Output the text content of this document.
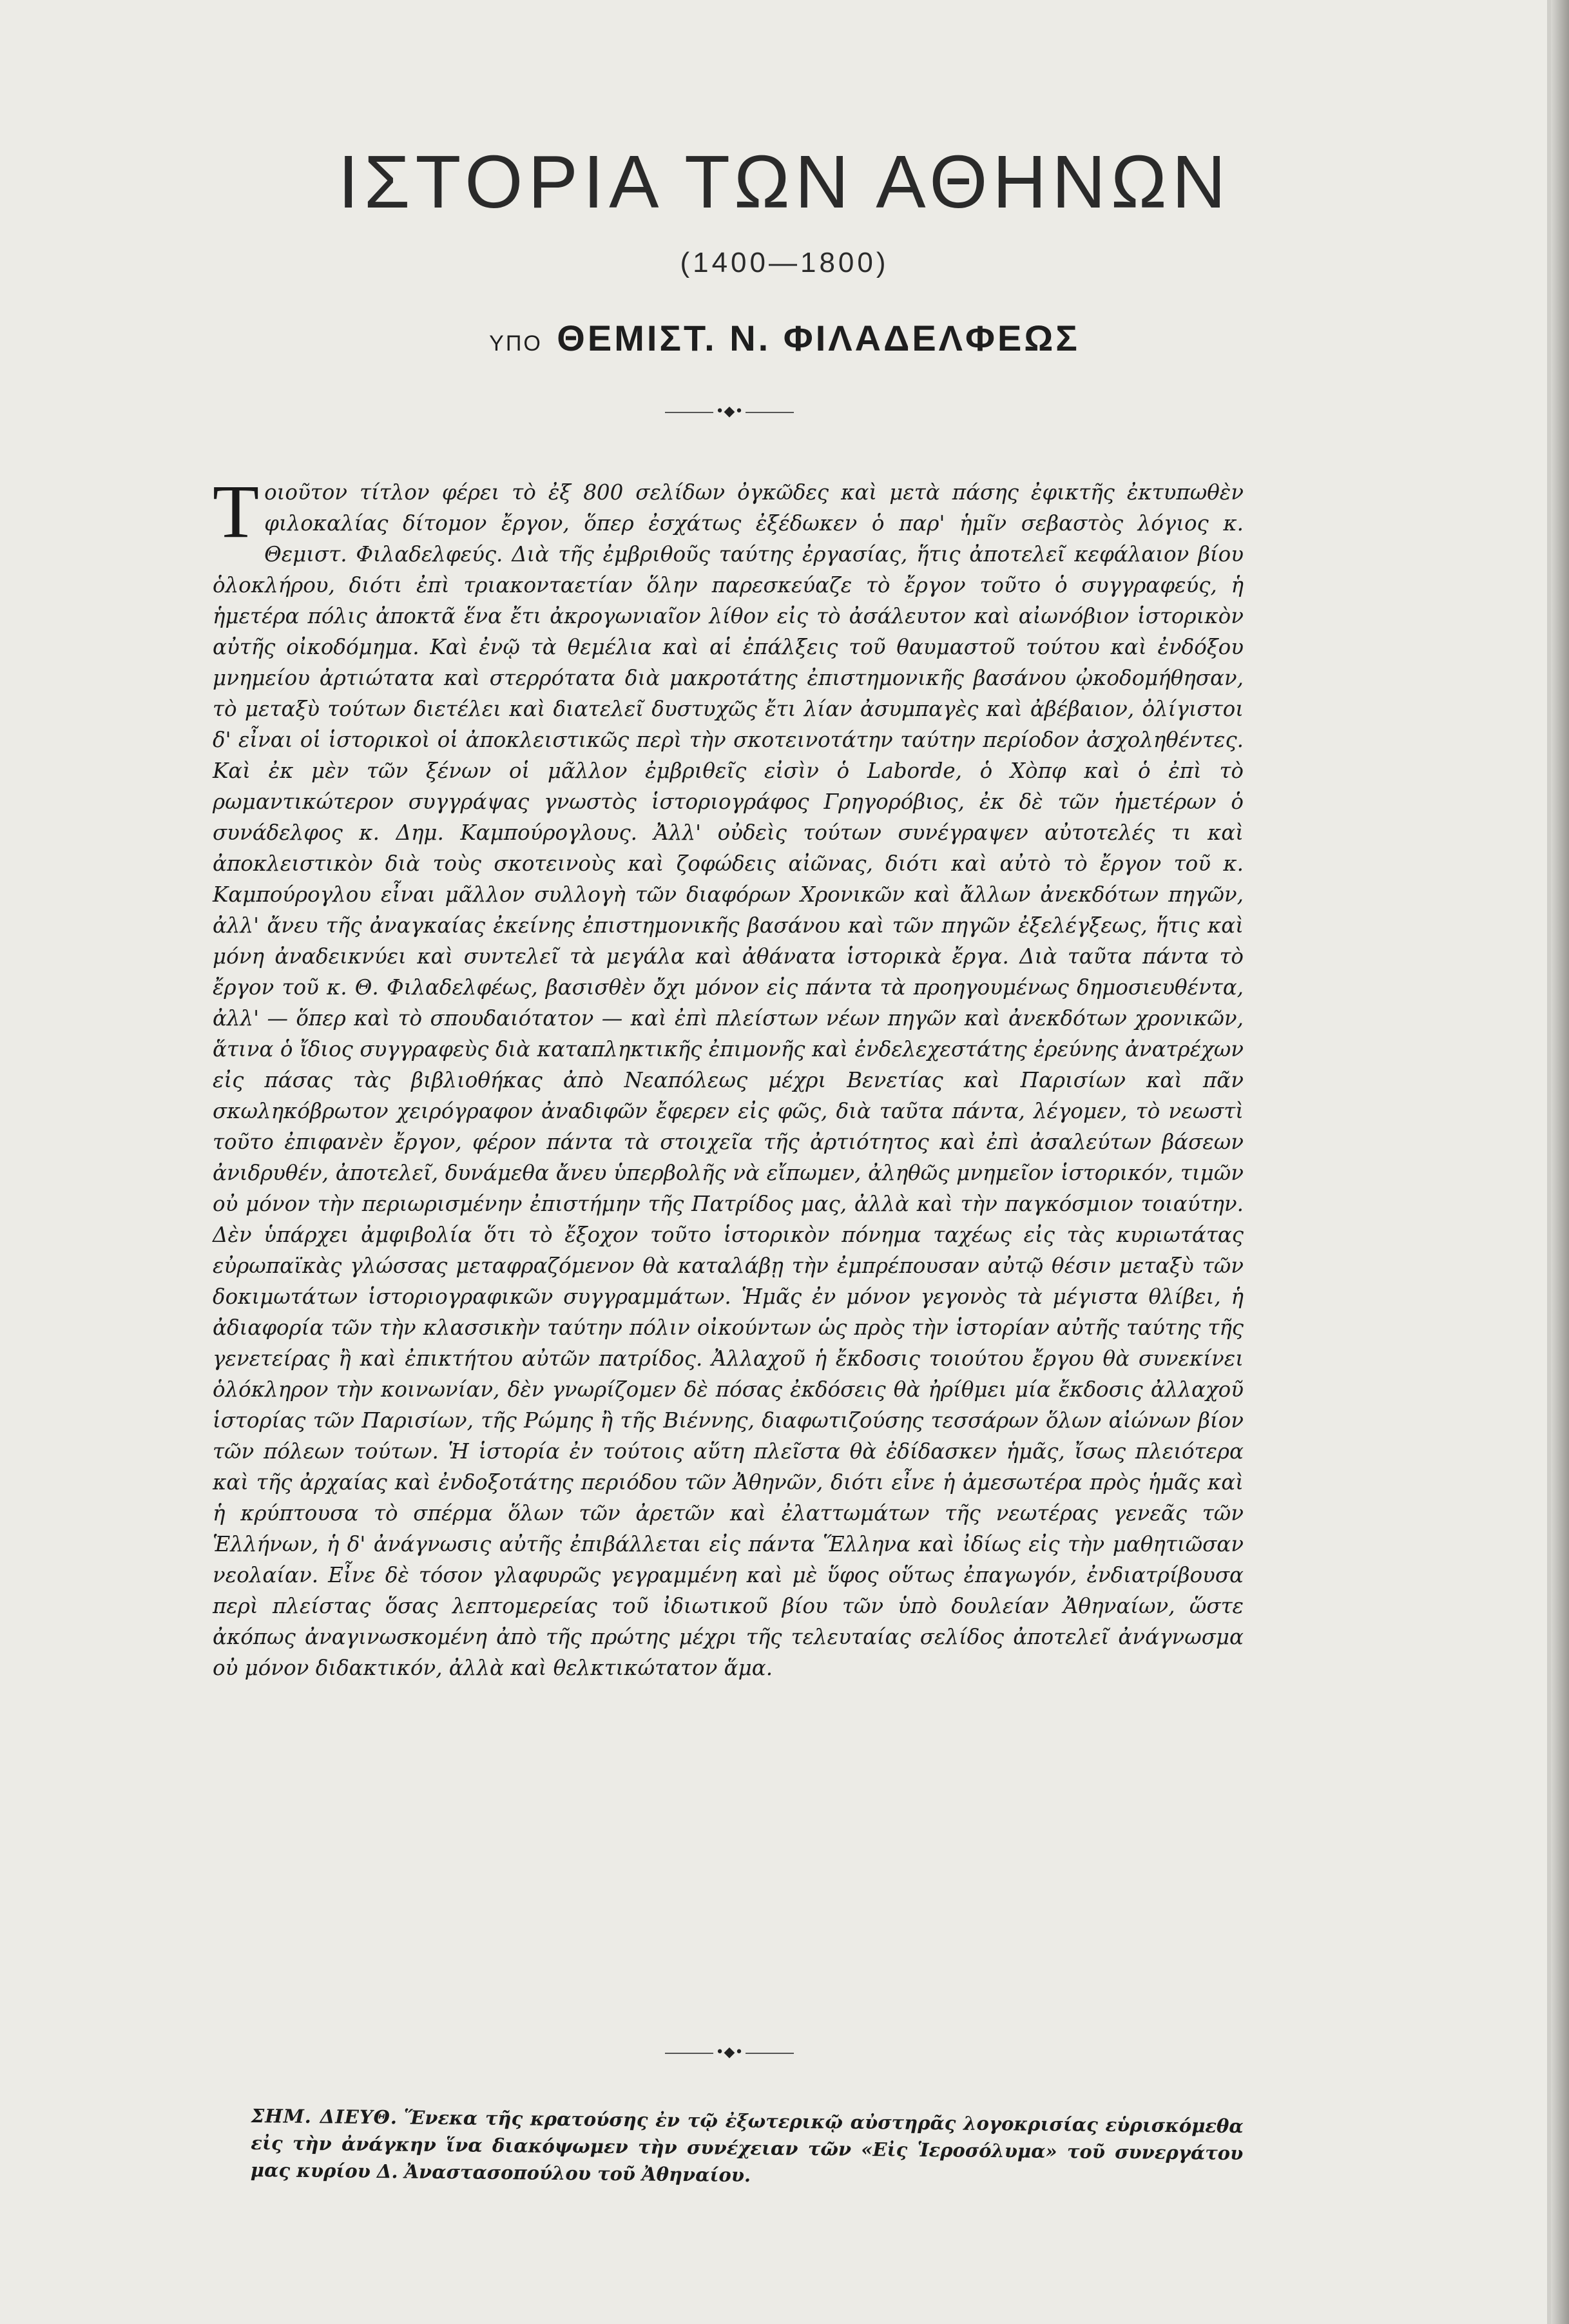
ΙΣΤΟΡΙΑ ΤΩΝ ΑΘΗΝΩΝ
(1400—1800)
ΥΠΟ ΘΕΜΙΣΤ. Ν. ΦΙΛΑΔΕΛΦΕΩΣ
•◆•
Τοιοῦτον τίτλον φέρει τὸ ἐξ 800 σελίδων ὀγκῶδες καὶ μετὰ πάσης ἐφικτῆς ἐκτυπωθὲν φιλοκαλίας δίτομον ἔργον, ὅπερ ἐσχάτως ἐξέδωκεν ὁ παρ' ἡμῖν σεβαστὸς λόγιος κ. Θεμιστ. Φιλαδελφεύς. Διὰ τῆς ἐμβριθοῦς ταύτης ἐργασίας, ἥτις ἀποτελεῖ κεφάλαιον βίου ὁλοκλήρου, διότι ἐπὶ τριακονταετίαν ὅλην παρεσκεύαζε τὸ ἔργον τοῦτο ὁ συγγραφεύς, ἡ ἡμετέρα πόλις ἀποκτᾶ ἕνα ἔτι ἀκρογωνιαῖον λίθον εἰς τὸ ἀσάλευτον καὶ αἰωνόβιον ἱστορικὸν αὐτῆς οἰκοδόμημα. Καὶ ἐνῷ τὰ θεμέλια καὶ αἱ ἐπάλξεις τοῦ θαυμαστοῦ τούτου καὶ ἐνδόξου μνημείου ἀρτιώτατα καὶ στερρότατα διὰ μακροτάτης ἐπιστημονικῆς βασάνου ᾠκοδομήθησαν, τὸ μεταξὺ τούτων διετέλει καὶ διατελεῖ δυστυχῶς ἔτι λίαν ἀσυμπαγὲς καὶ ἀβέβαιον, ὀλίγιστοι δ' εἶναι οἱ ἱστορικοὶ οἱ ἀποκλειστικῶς περὶ τὴν σκοτεινοτάτην ταύτην περίοδον ἀσχοληθέντες. Καὶ ἐκ μὲν τῶν ξένων οἱ μᾶλλον ἐμβριθεῖς εἰσὶν ὁ Laborde, ὁ Χὸπφ καὶ ὁ ἐπὶ τὸ ρωμαντικώτερον συγγράψας γνωστὸς ἱστοριογράφος Γρηγορόβιος, ἐκ δὲ τῶν ἡμετέρων ὁ συνάδελφος κ. Δημ. Καμπούρογλους. Ἀλλ' οὐδεὶς τούτων συνέγραψεν αὐτοτελές τι καὶ ἀποκλειστικὸν διὰ τοὺς σκοτεινοὺς καὶ ζοφώδεις αἰῶνας, διότι καὶ αὐτὸ τὸ ἔργον τοῦ κ. Καμπούρογλου εἶναι μᾶλλον συλλογὴ τῶν διαφόρων Χρονικῶν καὶ ἄλλων ἀνεκδότων πηγῶν, ἀλλ' ἄνευ τῆς ἀναγκαίας ἐκείνης ἐπιστημονικῆς βασάνου καὶ τῶν πηγῶν ἐξελέγξεως, ἥτις καὶ μόνη ἀναδεικνύει καὶ συντελεῖ τὰ μεγάλα καὶ ἀθάνατα ἱστορικὰ ἔργα. Διὰ ταῦτα πάντα τὸ ἔργον τοῦ κ. Θ. Φιλαδελφέως, βασισθὲν ὄχι μόνον εἰς πάντα τὰ προηγουμένως δημοσιευθέντα, ἀλλ' — ὅπερ καὶ τὸ σπουδαιότατον — καὶ ἐπὶ πλείστων νέων πηγῶν καὶ ἀνεκδότων χρονικῶν, ἅτινα ὁ ἴδιος συγγραφεὺς διὰ καταπληκτικῆς ἐπιμονῆς καὶ ἐνδελεχεστάτης ἐρεύνης ἀνατρέχων εἰς πάσας τὰς βιβλιοθήκας ἀπὸ Νεαπόλεως μέχρι Βενετίας καὶ Παρισίων καὶ πᾶν σκωληκόβρωτον χειρόγραφον ἀναδιφῶν ἔφερεν εἰς φῶς, διὰ ταῦτα πάντα, λέγομεν, τὸ νεωστὶ τοῦτο ἐπιφανὲν ἔργον, φέρον πάντα τὰ στοιχεῖα τῆς ἀρτιότητος καὶ ἐπὶ ἀσαλεύτων βάσεων ἀνιδρυθέν, ἀποτελεῖ, δυνάμεθα ἄνευ ὑπερβολῆς νὰ εἴπωμεν, ἀληθῶς μνημεῖον ἱστορικόν, τιμῶν οὐ μόνον τὴν περιωρισμένην ἐπιστήμην τῆς Πατρίδος μας, ἀλλὰ καὶ τὴν παγκόσμιον τοιαύτην. Δὲν ὑπάρχει ἀμφιβολία ὅτι τὸ ἔξοχον τοῦτο ἱστορικὸν πόνημα ταχέως εἰς τὰς κυριωτάτας εὐρωπαϊκὰς γλώσσας μεταφραζόμενον θὰ καταλάβῃ τὴν ἐμπρέπουσαν αὐτῷ θέσιν μεταξὺ τῶν δοκιμωτάτων ἱστοριογραφικῶν συγγραμμάτων. Ἡμᾶς ἐν μόνον γεγονὸς τὰ μέγιστα θλίβει, ἡ ἀδιαφορία τῶν τὴν κλασσικὴν ταύτην πόλιν οἰκούντων ὡς πρὸς τὴν ἱστορίαν αὐτῆς ταύτης τῆς γενετείρας ἢ καὶ ἐπικτήτου αὐτῶν πατρίδος. Ἀλλαχοῦ ἡ ἔκδοσις τοιούτου ἔργου θὰ συνεκίνει ὁλόκληρον τὴν κοινωνίαν, δὲν γνωρίζομεν δὲ πόσας ἐκδόσεις θὰ ἠρίθμει μία ἔκδοσις ἀλλαχοῦ ἱστορίας τῶν Παρισίων, τῆς Ρώμης ἢ τῆς Βιέννης, διαφωτιζούσης τεσσάρων ὅλων αἰώνων βίον τῶν πόλεων τούτων. Ἡ ἱστορία ἐν τούτοις αὕτη πλεῖστα θὰ ἐδίδασκεν ἡμᾶς, ἴσως πλειότερα καὶ τῆς ἀρχαίας καὶ ἐνδοξοτάτης περιόδου τῶν Ἀθηνῶν, διότι εἶνε ἡ ἀμεσωτέρα πρὸς ἡμᾶς καὶ ἡ κρύπτουσα τὸ σπέρμα ὅλων τῶν ἀρετῶν καὶ ἐλαττωμάτων τῆς νεωτέρας γενεᾶς τῶν Ἑλλήνων, ἡ δ' ἀνάγνωσις αὐτῆς ἐπιβάλλεται εἰς πάντα Ἕλληνα καὶ ἰδίως εἰς τὴν μαθητιῶσαν νεολαίαν. Εἶνε δὲ τόσον γλαφυρῶς γεγραμμένη καὶ μὲ ὕφος οὕτως ἐπαγωγόν, ἐνδιατρίβουσα περὶ πλείστας ὅσας λεπτομερείας τοῦ ἰδιωτικοῦ βίου τῶν ὑπὸ δουλείαν Ἀθηναίων, ὥστε ἀκόπως ἀναγινωσκομένη ἀπὸ τῆς πρώτης μέχρι τῆς τελευταίας σελίδος ἀποτελεῖ ἀνάγνωσμα οὐ μόνον διδακτικόν, ἀλλὰ καὶ θελκτικώτατον ἅμα.
•◆•
ΣΗΜ. ΔΙΕΥΘ. Ἕνεκα τῆς κρατούσης ἐν τῷ ἐξωτερικῷ αὐστηρᾶς λογοκρισίας εὑρισκόμεθα εἰς τὴν ἀνάγκην ἵνα διακόψωμεν τὴν συνέχειαν τῶν «Εἰς Ἱεροσόλυμα» τοῦ συνεργάτου μας κυρίου Δ. Ἀναστασοπούλου τοῦ Ἀθηναίου.
